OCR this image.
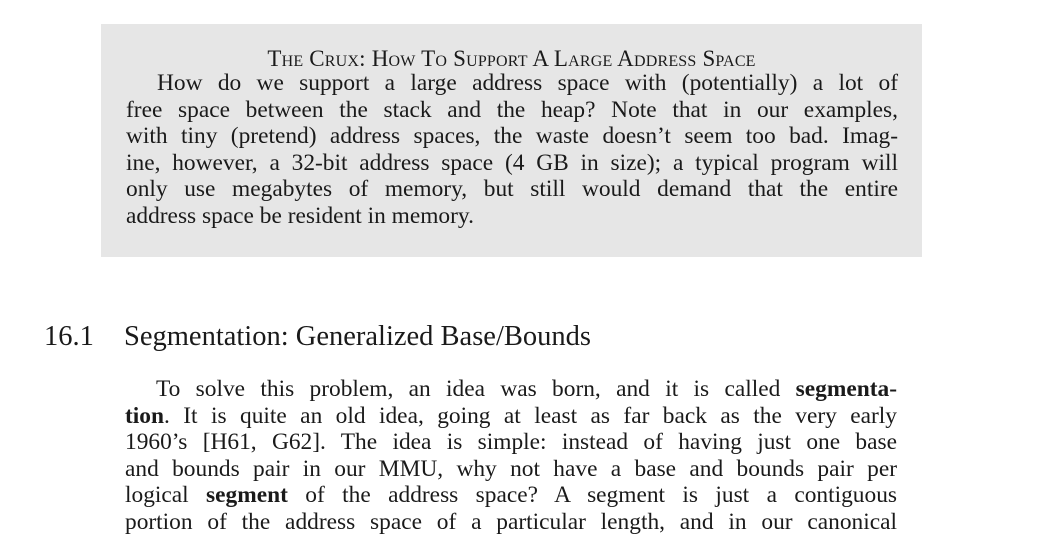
The Crux: How To Support A Large Address Space
How do we support a large address space with (potentially) a lot of
free space between the stack and the heap? Note that in our examples,
with tiny (pretend) address spaces, the waste doesn’t seem too bad. Imag-
ine, however, a 32-bit address space (4 GB in size); a typical program will
only use megabytes of memory, but still would demand that the entire
address space be resident in memory.
16.1 Segmentation: Generalized Base/Bounds
To solve this problem, an idea was born, and it is called segmenta-
tion. It is quite an old idea, going at least as far back as the very early
1960’s [H61, G62]. The idea is simple: instead of having just one base
and bounds pair in our MMU, why not have a base and bounds pair per
logical segment of the address space? A segment is just a contiguous
portion of the address space of a particular length, and in our canonical
